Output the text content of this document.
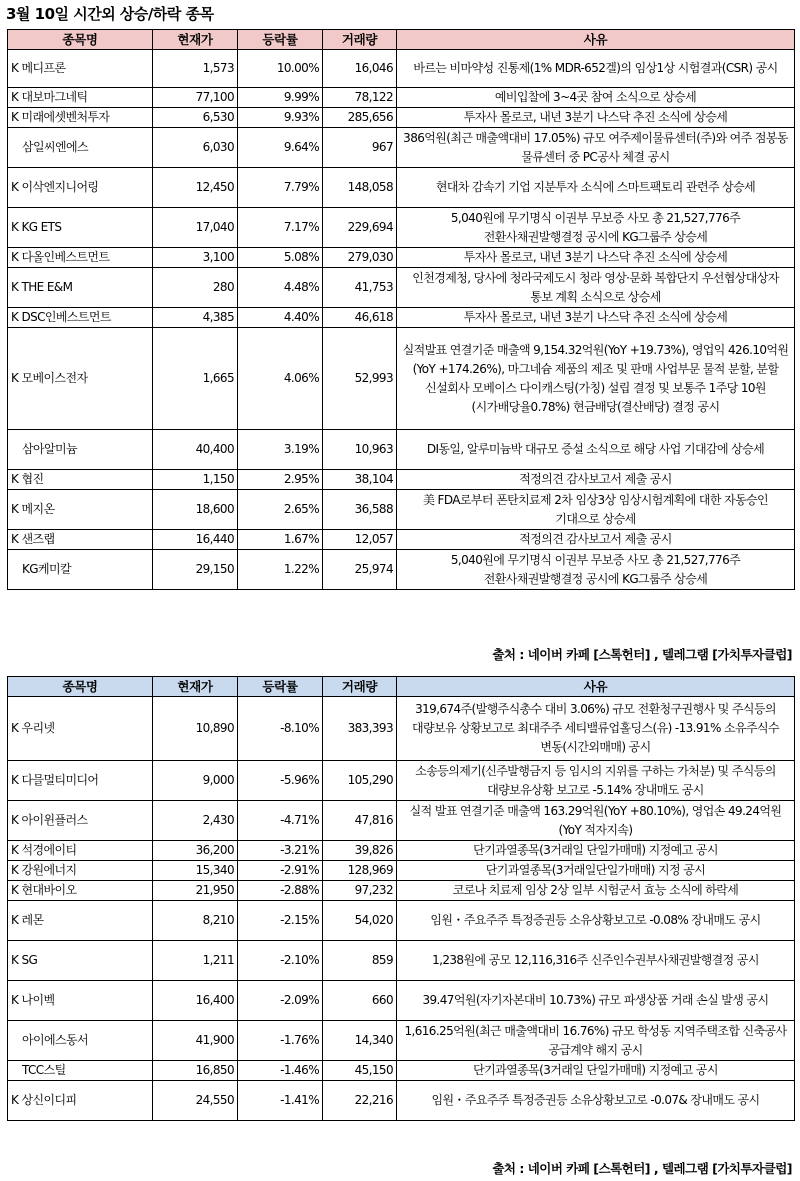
3월 10일 시간외 상승/하락 종목
종목명	현재가	등락률	거래량	사유
K 메디프론	1,573	10.00%	16,046	바르는 비마약성 진통제(1% MDR-652겔)의 임상1상 시험결과(CSR) 공시
K 대보마그네틱	77,100	9.99%	78,122	예비입찰에 3~4곳 참여 소식으로 상승세
K 미래에셋벤처투자	6,530	9.93%	285,656	투자사 몰로코, 내년 3분기 나스닥 추진 소식에 상승세
삼일씨엔에스	6,030	9.64%	967	386억원(최근 매출액대비 17.05%) 규모 여주제이물류센터(주)와 여주 점봉동 물류센터 중 PC공사 체결 공시
K 이삭엔지니어링	12,450	7.79%	148,058	현대차 감속기 기업 지분투자 소식에 스마트팩토리 관련주 상승세
K KG ETS	17,040	7.17%	229,694	5,040원에 무기명식 이권부 무보증 사모 총 21,527,776주 전환사채권발행결정 공시에 KG그룹주 상승세
K 다올인베스트먼트	3,100	5.08%	279,030	투자사 몰로코, 내년 3분기 나스닥 추진 소식에 상승세
K THE E&M	280	4.48%	41,753	인천경제청, 당사에 청라국제도시 청라 영상·문화 복합단지 우선협상대상자 통보 계획 소식으로 상승세
K DSC인베스트먼트	4,385	4.40%	46,618	투자사 몰로코, 내년 3분기 나스닥 추진 소식에 상승세
K 모베이스전자	1,665	4.06%	52,993	실적발표 연결기준 매출액 9,154.32억원(YoY +19.73%), 영업익 426.10억원(YoY +174.26%), 마그네슘 제품의 제조 및 판매 사업부문 물적 분할, 분할 신설회사 모베이스 다이캐스팅(가칭) 설립 결정 및 보통주 1주당 10원(시가배당율0.78%) 현금배당(결산배당) 결정 공시
삼아알미늄	40,400	3.19%	10,963	DI동일, 알루미늄박 대규모 증설 소식으로 해당 사업 기대감에 상승세
K 협진	1,150	2.95%	38,104	적정의견 감사보고서 제출 공시
K 메지온	18,600	2.65%	36,588	美 FDA로부터 폰탄치료제 2차 임상3상 임상시험계획에 대한 자동승인 기대으로 상승세
K 샌즈랩	16,440	1.67%	12,057	적정의견 감사보고서 제출 공시
KG케미칼	29,150	1.22%	25,974	5,040원에 무기명식 이권부 무보증 사모 총 21,527,776주 전환사채권발행결정 공시에 KG그룹주 상승세
출처 : 네이버 카페 [스톡헌터] , 텔레그램 [가치투자클럽]
종목명	현재가	등락률	거래량	사유
K 우리넷	10,890	-8.10%	383,393	319,674주(발행주식총수 대비 3.06%) 규모 전환청구권행사 및 주식등의 대량보유 상황보고로 최대주주 세티밸류업홀딩스(유) -13.91% 소유주식수 변동(시간외매매) 공시
K 다믈멀티미디어	9,000	-5.96%	105,290	소송등의제기(신주발행금지 등 임시의 지위를 구하는 가처분) 및 주식등의 대량보유상황 보고로 -5.14% 장내매도 공시
K 아이윈플러스	2,430	-4.71%	47,816	실적 발표 연결기준 매출액 163.29억원(YoY +80.10%), 영업손 49.24억원(YoY 적자지속)
K 석경에이티	36,200	-3.21%	39,826	단기과열종목(3거래일 단일가매매) 지정예고 공시
K 강원에너지	15,340	-2.91%	128,969	단기과열종목(3거래일단일가매매) 지정 공시
K 현대바이오	21,950	-2.88%	97,232	코로나 치료제 임상 2상 일부 시험군서 효능 소식에 하락세
K 레몬	8,210	-2.15%	54,020	임원・주요주주 특정증권등 소유상황보고로 -0.08% 장내매도 공시
K SG	1,211	-2.10%	859	1,238원에 공모 12,116,316주 신주인수권부사채권발행결정 공시
K 나이벡	16,400	-2.09%	660	39.47억원(자기자본대비 10.73%) 규모 파생상품 거래 손실 발생 공시
아이에스동서	41,900	-1.76%	14,340	1,616.25억원(최근 매출액대비 16.76%) 규모 학성동 지역주택조합 신축공사 공급계약 해지 공시
TCC스틸	16,850	-1.46%	45,150	단기과열종목(3거래일 단일가매매) 지정예고 공시
K 상신이디피	24,550	-1.41%	22,216	임원・주요주주 특정증권등 소유상황보고로 -0.07& 장내매도 공시
출처 : 네이버 카페 [스톡헌터] , 텔레그램 [가치투자클럽]
